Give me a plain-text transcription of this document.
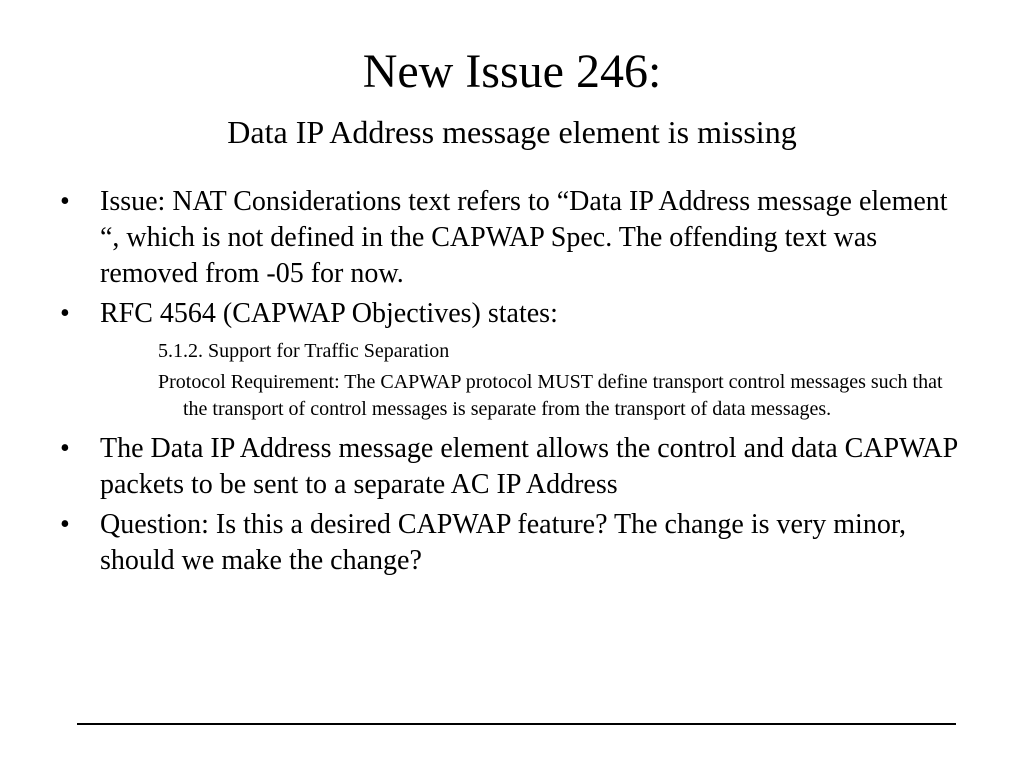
New Issue 246:
Data IP Address message element is missing
• Issue: NAT Considerations text refers to “Data IP Address message element “, which is not defined in the CAPWAP Spec. The offending text was removed from -05 for now.
• RFC 4564 (CAPWAP Objectives) states:
5.1.2. Support for Traffic Separation
Protocol Requirement: The CAPWAP protocol MUST define transport control messages such that the transport of control messages is separate from the transport of data messages.
• The Data IP Address message element allows the control and data CAPWAP packets to be sent to a separate AC IP Address
• Question: Is this a desired CAPWAP feature? The change is very minor, should we make the change?
